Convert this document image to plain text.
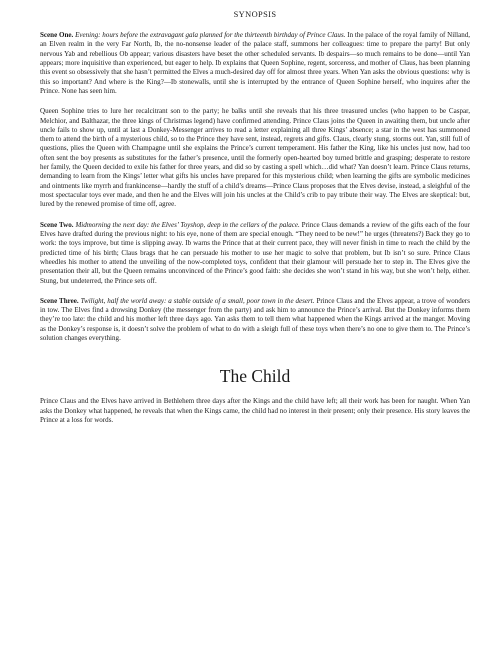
SYNOPSIS

Scene One. Evening: hours before the extravagant gala planned for the thirteenth birthday of Prince Claus. In the palace of the royal family of Nilland, an Elven realm in the very Far North, Ib, the no-nonsense leader of the palace staff, summons her colleagues: time to prepare the party! But only nervous Yab and rebellious Ob appear; various disasters have beset the other scheduled servants. Ib despairs—so much remains to be done—until Yan appears; more inquisitive than experienced, but eager to help. Ib explains that Queen Sophine, regent, sorceress, and mother of Claus, has been planning this event so obsessively that she hasn’t permitted the Elves a much-desired day off for almost three years. When Yan asks the obvious questions: why is this so important? And where is the King?—Ib stonewalls, until she is interrupted by the entrance of Queen Sophine herself, who inquires after the Prince. None has seen him.

Queen Sophine tries to lure her recalcitrant son to the party; he balks until she reveals that his three treasured uncles (who happen to be Caspar, Melchior, and Balthazar, the three kings of Christmas legend) have confirmed attending. Prince Claus joins the Queen in awaiting them, but uncle after uncle fails to show up, until at last a Donkey-Messenger arrives to read a letter explaining all three Kings’ absence; a star in the west has summoned them to attend the birth of a mysterious child, so to the Prince they have sent, instead, regrets and gifts. Claus, clearly stung, storms out. Yan, still full of questions, plies the Queen with Champagne until she explains the Prince’s current temperament. His father the King, like his uncles just now, had too often sent the boy presents as substitutes for the father’s presence, until the formerly open-hearted boy turned brittle and grasping; desperate to restore her family, the Queen decided to exile his father for three years, and did so by casting a spell which…did what? Yan doesn’t learn. Prince Claus returns, demanding to learn from the Kings’ letter what gifts his uncles have prepared for this mysterious child; when learning the gifts are symbolic medicines and ointments like myrrh and frankincense—hardly the stuff of a child’s dreams—Prince Claus proposes that the Elves devise, instead, a sleighful of the most spectacular toys ever made, and then he and the Elves will join his uncles at the Child’s crib to pay tribute their way. The Elves are skeptical: but, lured by the renewed promise of time off, agree.

Scene Two. Midmorning the next day: the Elves’ Toyshop, deep in the cellars of the palace. Prince Claus demands a review of the gifts each of the four Elves have drafted during the previous night: to his eye, none of them are special enough. “They need to be new!” he urges (threatens?) Back they go to work: the toys improve, but time is slipping away. Ib warns the Prince that at their current pace, they will never finish in time to reach the child by the predicted time of his birth; Claus brags that he can persuade his mother to use her magic to solve that problem, but Ib isn’t so sure. Prince Claus wheedles his mother to attend the unveiling of the now-completed toys, confident that their glamour will persuade her to step in. The Elves give the presentation their all, but the Queen remains unconvinced of the Prince’s good faith: she decides she won’t stand in his way, but she won’t help, either. Stung, but undeterred, the Prince sets off.

Scene Three. Twilight, half the world away: a stable outside of a small, poor town in the desert. Prince Claus and the Elves appear, a trove of wonders in tow. The Elves find a drowsing Donkey (the messenger from the party) and ask him to announce the Prince’s arrival. But the Donkey informs them they’re too late: the child and his mother left three days ago. Yan asks them to tell them what happened when the Kings arrived at the manger. Moving as the Donkey’s response is, it doesn’t solve the problem of what to do with a sleigh full of these toys when there’s no one to give them to. The Prince’s solution changes everything.

The Child

Prince Claus and the Elves have arrived in Bethlehem three days after the Kings and the child have left; all their work has been for naught. When Yan asks the Donkey what happened, he reveals that when the Kings came, the child had no interest in their present; only their presence. His story leaves the Prince at a loss for words.
